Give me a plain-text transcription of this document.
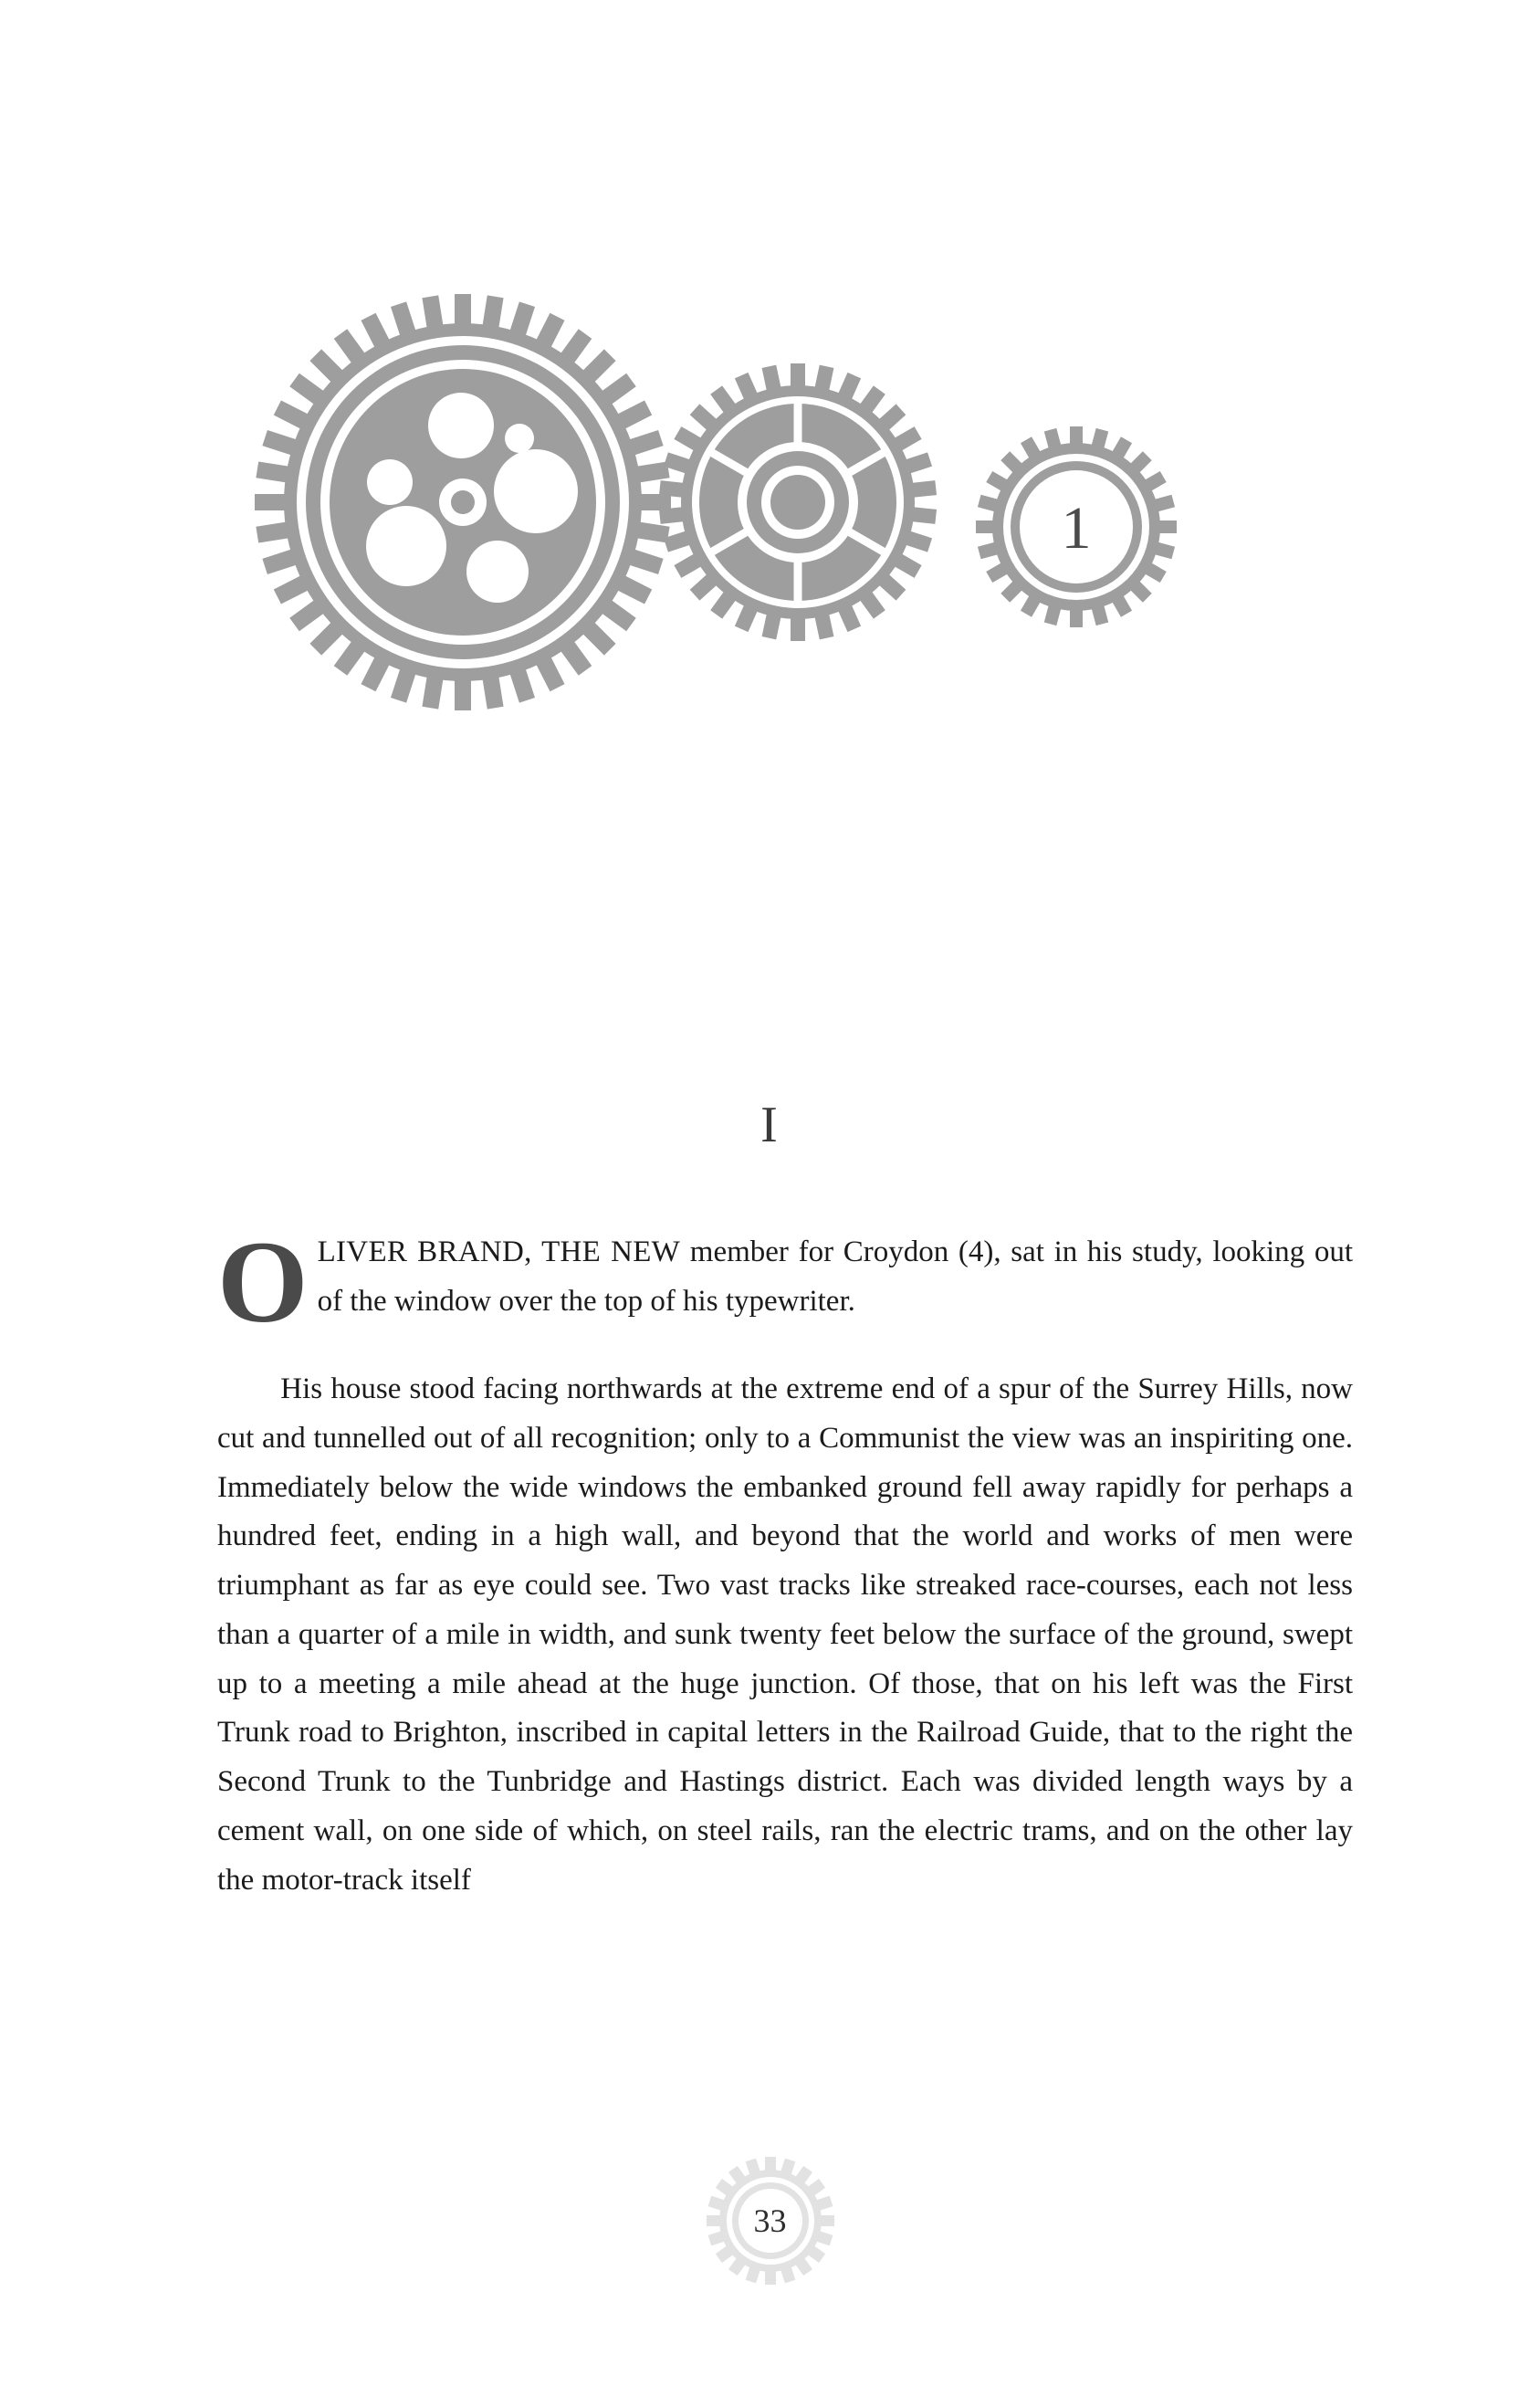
1
I

OLIVER BRAND, THE NEW member for Croydon (4), sat in his study, looking out of the window over the top of his typewriter.

His house stood facing northwards at the extreme end of a spur of the Surrey Hills, now cut and tunnelled out of all recognition; only to a Communist the view was an inspiriting one. Immediately below the wide windows the embanked ground fell away rapidly for perhaps a hundred feet, ending in a high wall, and beyond that the world and works of men were triumphant as far as eye could see. Two vast tracks like streaked race-courses, each not less than a quarter of a mile in width, and sunk twenty feet below the surface of the ground, swept up to a meeting a mile ahead at the huge junction. Of those, that on his left was the First Trunk road to Brighton, inscribed in capital letters in the Railroad Guide, that to the right the Second Trunk to the Tunbridge and Hastings district. Each was divided length ways by a cement wall, on one side of which, on steel rails, ran the electric trams, and on the other lay the motor-track itself

33
